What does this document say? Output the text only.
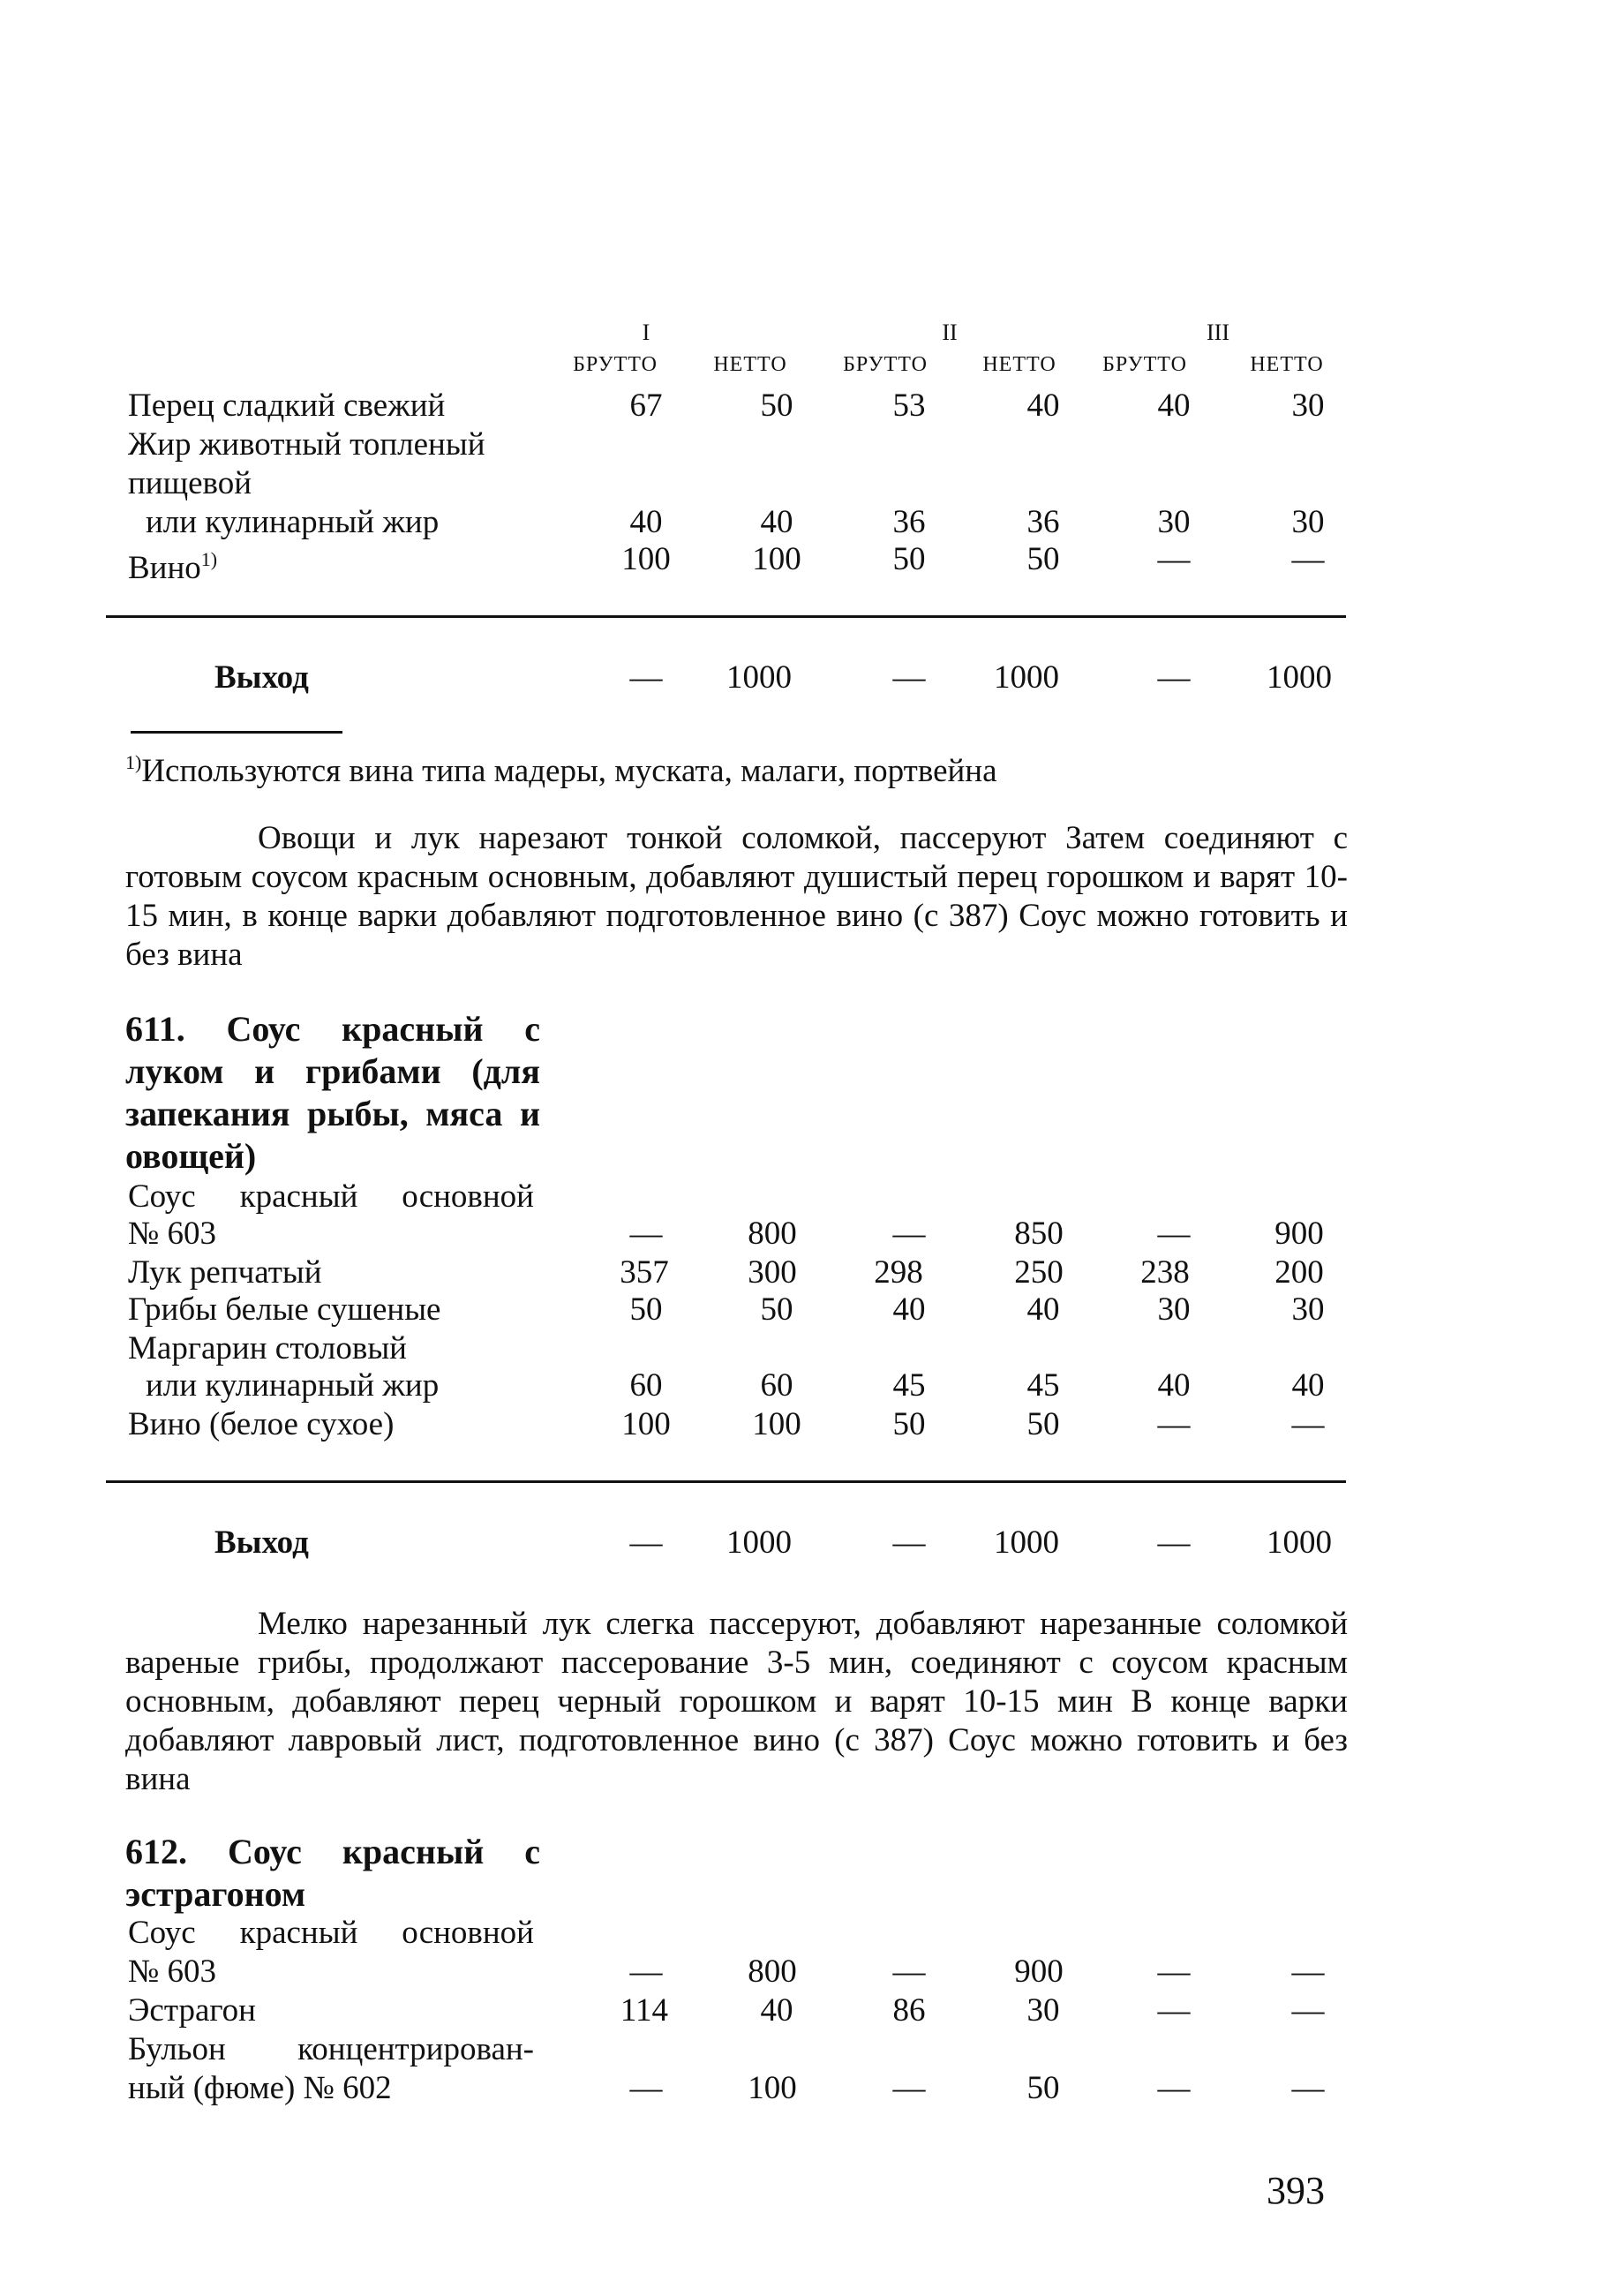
I	II	III
БРУТТО	НЕТТО	БРУТТО	НЕТТО	БРУТТО	НЕТТО
Перец сладкий свежий	67	50	53	40	40	30
Жир животный топленый
пищевой
или кулинарный жир	40	40	36	36	30	30
Вино$^{1)}$	100	100	50	50	—	—
Выход	—	1000	—	1000	—	1000
$^{1)}$Используются вина типа мадеры, муската, малаги, портвейна
Овощи и лук нарезают тонкой соломкой, пассеруют Затем соединяют с готовым соусом красным основным, добавляют душистый перец горошком и варят 10-15 мин, в конце варки добавляют подготовленное вино (с 387) Соус можно готовить и без вина
611. Соус красный с луком и грибами (для запекания рыбы, мяса и овощей)
Соус красный основной
№ 603	—	800	—	850	—	900
Лук репчатый	357	300	298	250	238	200
Грибы белые сушеные	50	50	40	40	30	30
Маргарин столовый
или кулинарный жир	60	60	45	45	40	40
Вино (белое сухое)	100	100	50	50	—	—
Выход	—	1000	—	1000	—	1000
Мелко нарезанный лук слегка пассеруют, добавляют нарезанные соломкой вареные грибы, продолжают пассерование 3-5 мин, соединяют с соусом красным основным, добавляют перец черный горошком и варят 10-15 мин В конце варки добавляют лавровый лист, подготовленное вино (с 387) Соус можно готовить и без вина
612. Соус красный с эстрагоном
Соус красный основной
№ 603	—	800	—	900	—	—
Эстрагон	114	40	86	30	—	—
Бульон концентрирован-
ный (фюме) № 602	—	100	—	50	—	—
393
